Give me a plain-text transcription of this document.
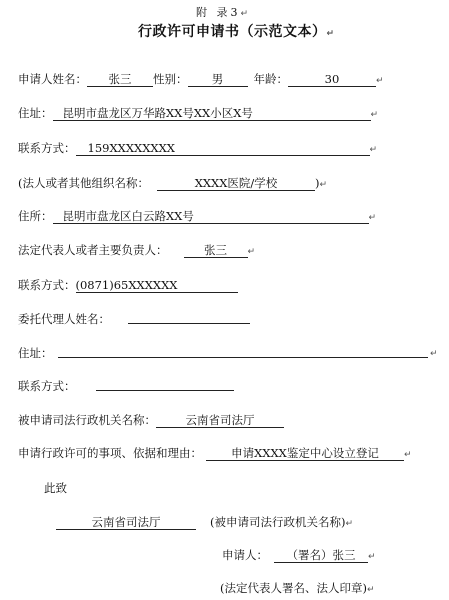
附 录3↵
行政许可申请书（示范文本）↵
申请人姓名： 张三 性别： 男	年龄：	30	↵
住址： 昆明市盘龙区万华路XX号XX小区X号	↵
联系方式： 159XXXXXXXX	↵
(法人或者其他组织名称：	XXXX医院/学校	)↵
住所： 昆明市盘龙区白云路XX号	↵
法定代表人或者主要负责人：	张三 ↵
联系方式：(0871)65XXXXXX
委托代理人姓名：
住址：	↵
联系方式：
被申请司法行政机关名称：	云南省司法厅
申请行政许可的事项、依据和理由：	申请XXXX鉴定中心设立登记	↵
此致
云南省司法厅	(被申请司法行政机关名称)↵
申请人： （署名）张三 ↵
(法定代表人署名、法人印章)↵
